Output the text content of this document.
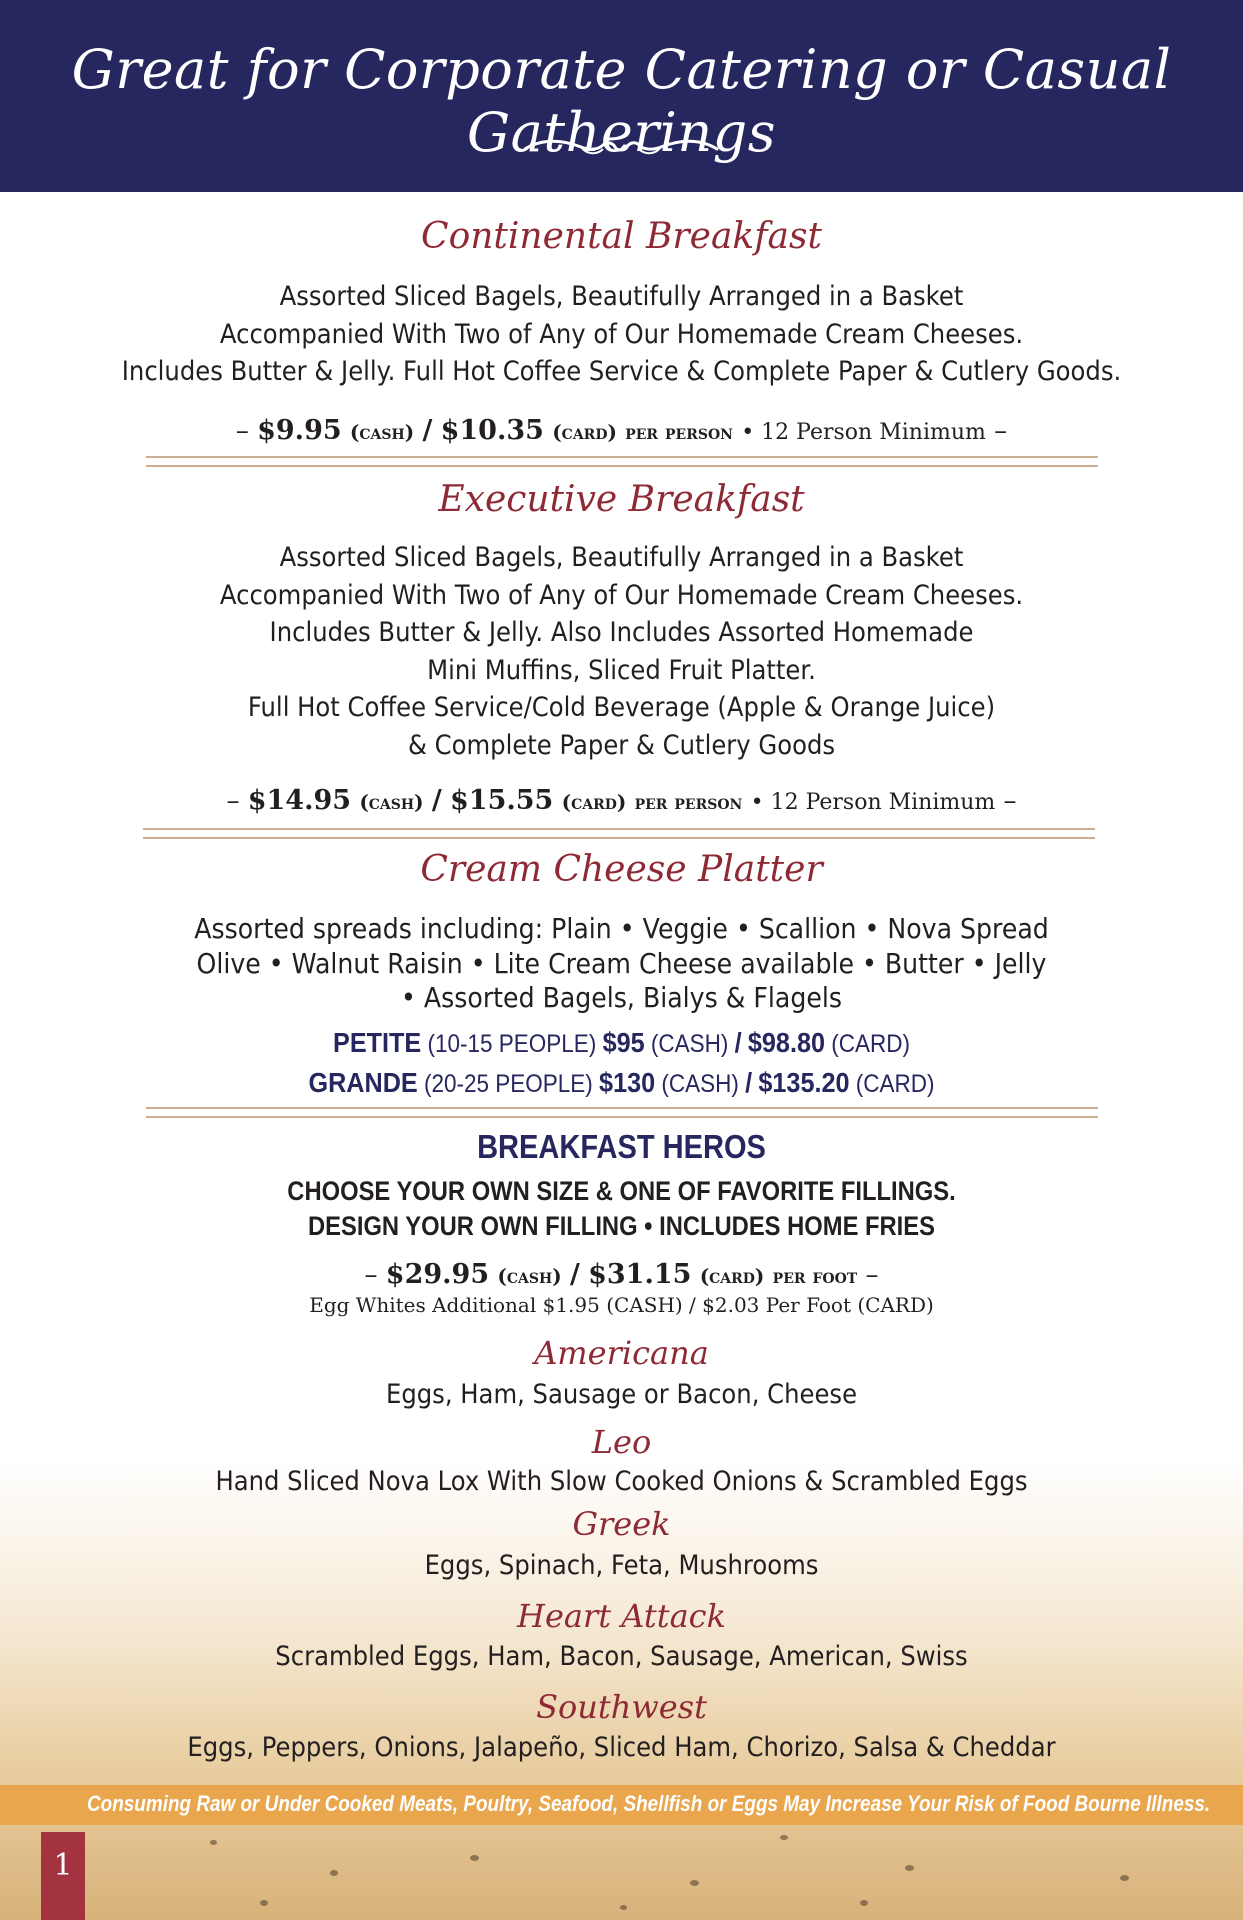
Great for Corporate Catering or Casual Gatherings
Continental Breakfast
Assorted Sliced Bagels, Beautifully Arranged in a Basket
Accompanied With Two of Any of Our Homemade Cream Cheeses.
Includes Butter & Jelly. Full Hot Coffee Service & Complete Paper & Cutlery Goods.
– $9.95 (cash) / $10.35 (card) per person • 12 Person Minimum –
Executive Breakfast
Assorted Sliced Bagels, Beautifully Arranged in a Basket
Accompanied With Two of Any of Our Homemade Cream Cheeses.
Includes Butter & Jelly. Also Includes Assorted Homemade
Mini Muffins, Sliced Fruit Platter.
Full Hot Coffee Service/Cold Beverage (Apple & Orange Juice)
& Complete Paper & Cutlery Goods
– $14.95 (cash) / $15.55 (card) per person • 12 Person Minimum –
Cream Cheese Platter
Assorted spreads including: Plain • Veggie • Scallion • Nova Spread
Olive • Walnut Raisin • Lite Cream Cheese available • Butter • Jelly
• Assorted Bagels, Bialys & Flagels
PETITE (10-15 PEOPLE) $95 (CASH) / $98.80 (CARD)
GRANDE (20-25 PEOPLE) $130 (CASH) / $135.20 (CARD)
BREAKFAST HEROS
CHOOSE YOUR OWN SIZE & ONE OF FAVORITE FILLINGS.
DESIGN YOUR OWN FILLING • INCLUDES HOME FRIES
– $29.95 (cash) / $31.15 (card) per foot –
Egg Whites Additional $1.95 (CASH) / $2.03 Per Foot (CARD)
Americana
Eggs, Ham, Sausage or Bacon, Cheese
Leo
Hand Sliced Nova Lox With Slow Cooked Onions & Scrambled Eggs
Greek
Eggs, Spinach, Feta, Mushrooms
Heart Attack
Scrambled Eggs, Ham, Bacon, Sausage, American, Swiss
Southwest
Eggs, Peppers, Onions, Jalapeño, Sliced Ham, Chorizo, Salsa & Cheddar
Consuming Raw or Under Cooked Meats, Poultry, Seafood, Shellfish or Eggs May Increase Your Risk of Food Bourne Illness.
1
